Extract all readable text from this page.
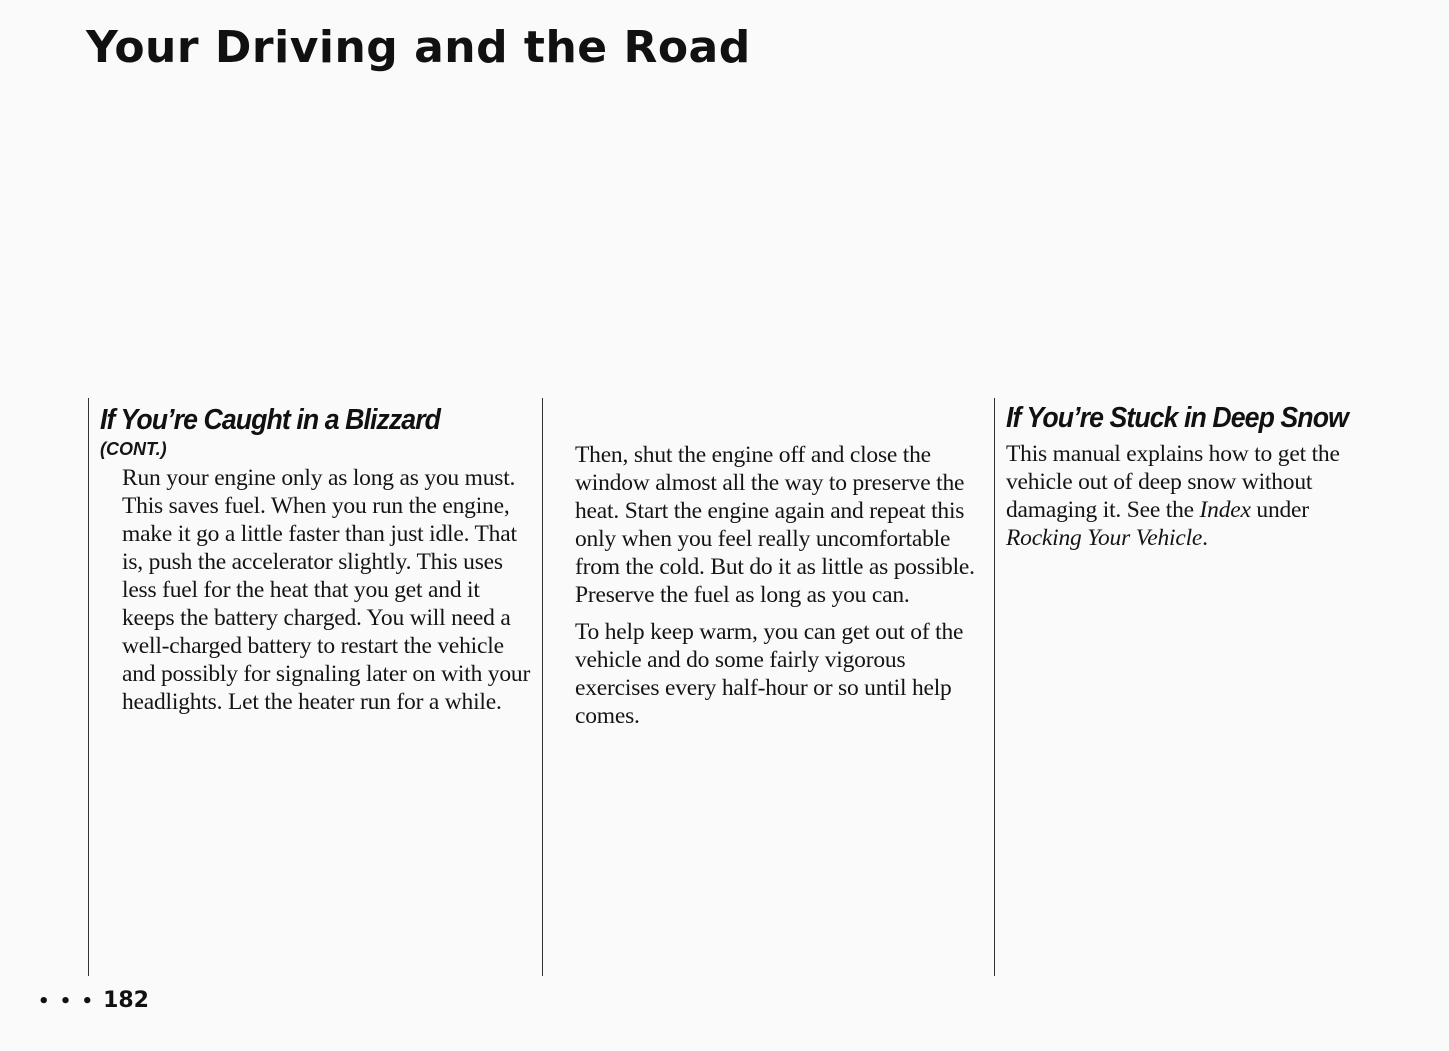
Your Driving and the Road
If You’re Caught in a Blizzard
(CONT.)

Run your engine only as long as you must. This saves fuel. When you run the engine, make it go a little faster than just idle. That is, push the accelerator slightly. This uses less fuel for the heat that you get and it keeps the battery charged. You will need a well-charged battery to restart the vehicle and possibly for signaling later on with your headlights. Let the heater run for a while.

Then, shut the engine off and close the window almost all the way to preserve the heat. Start the engine again and repeat this only when you feel really uncomfortable from the cold. But do it as little as possible. Preserve the fuel as long as you can.

To help keep warm, you can get out of the vehicle and do some fairly vigorous exercises every half-hour or so until help comes.

If You’re Stuck in Deep Snow

This manual explains how to get the vehicle out of deep snow without damaging it. See the Index under Rocking Your Vehicle.

• • • 182
